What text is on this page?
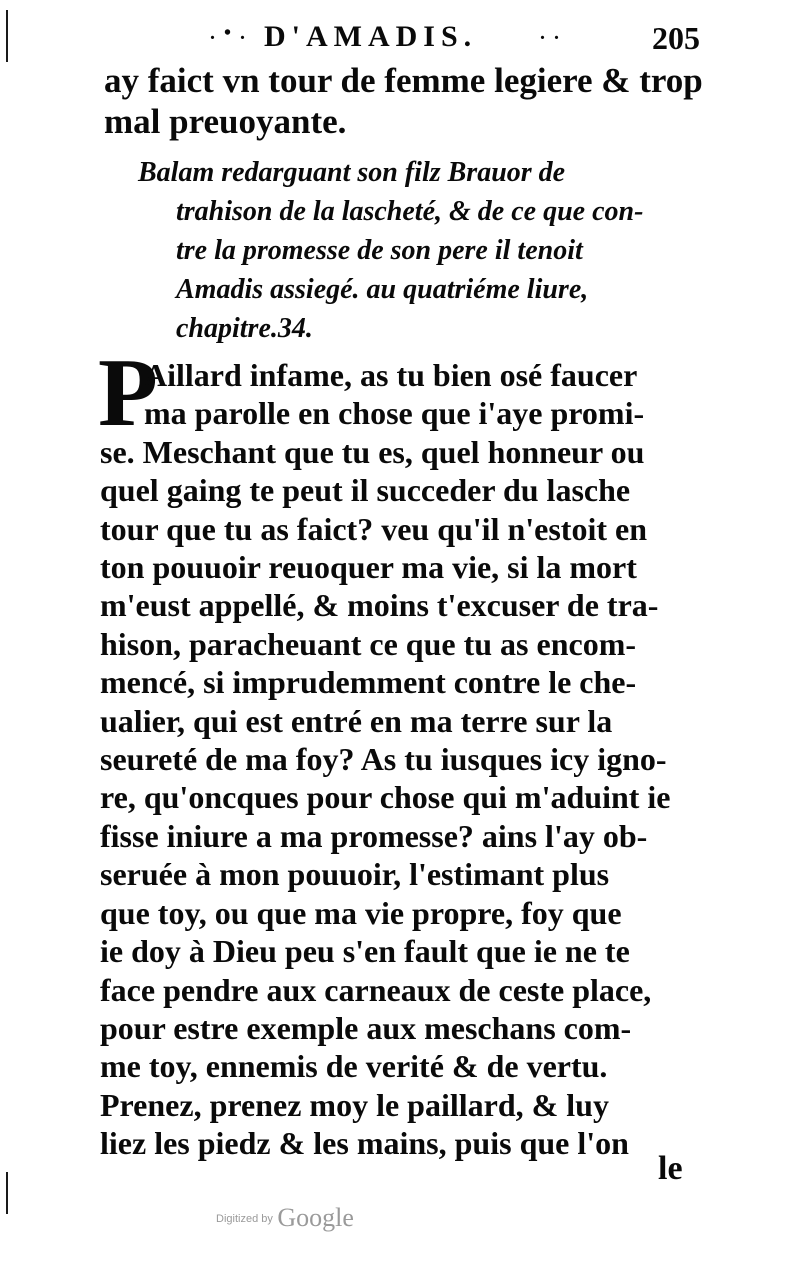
. • . D'AMADIS.	. .	205
ay faict vn tour de femme legiere & trop
mal preuoyante.
Balam redarguant son filz Brauor de
trahison de la lascheté, & de ce que con-
tre la promesse de son pere il tenoit
Amadis assiegé. au quatriéme liure,
chapitre.34.
P
Aillard infame, as tu bien osé faucer
ma parolle en chose que i'aye promi-
se. Meschant que tu es, quel honneur ou
quel gaing te peut il succeder du lasche
tour que tu as faict? veu qu'il n'estoit en
ton pouuoir reuoquer ma vie, si la mort
m'eust appellé, & moins t'excuser de tra-
hison, paracheuant ce que tu as encom-
mencé, si imprudemment contre le che-
ualier, qui est entré en ma terre sur la
seureté de ma foy? As tu iusques icy igno-
re, qu'oncques pour chose qui m'aduint ie
fisse iniure a ma promesse? ains l'ay ob-
seruée à mon pouuoir, l'estimant plus
que toy, ou que ma vie propre, foy que
ie doy à Dieu peu s'en fault que ie ne te
face pendre aux carneaux de ceste place,
pour estre exemple aux meschans com-
me toy, ennemis de verité & de vertu.
Prenez, prenez moy le paillard, & luy
liez les piedz & les mains, puis que l'on
le
$^{Digitized by}$ Google
